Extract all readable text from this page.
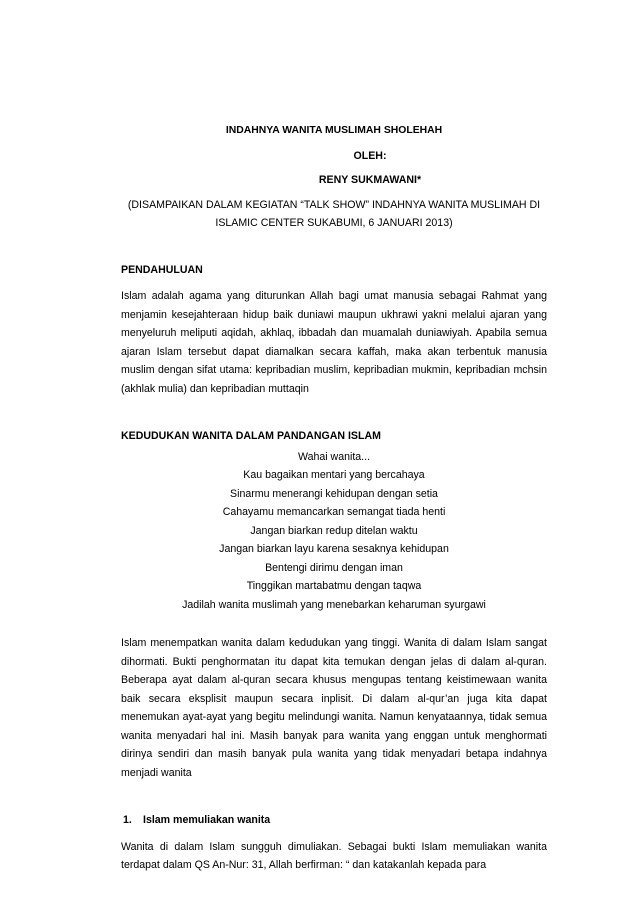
INDAHNYA WANITA MUSLIMAH SHOLEHAH
OLEH:
RENY SUKMAWANI*
(DISAMPAIKAN DALAM KEGIATAN “TALK SHOW” INDAHNYA WANITA MUSLIMAH DI
ISLAMIC CENTER SUKABUMI, 6 JANUARI 2013)
PENDAHULUAN

Islam adalah agama yang diturunkan Allah bagi umat manusia sebagai Rahmat yang menjamin kesejahteraan hidup baik duniawi maupun ukhrawi yakni melalui ajaran yang menyeluruh meliputi aqidah, akhlaq, ibbadah dan muamalah duniawiyah. Apabila semua ajaran Islam tersebut dapat diamalkan secara kaffah, maka akan terbentuk manusia muslim dengan sifat utama: kepribadian muslim, kepribadian mukmin, kepribadian mchsin (akhlak mulia) dan kepribadian muttaqin

KEDUDUKAN WANITA DALAM PANDANGAN ISLAM
Wahai wanita...
Kau bagaikan mentari yang bercahaya
Sinarmu menerangi kehidupan dengan setia
Cahayamu memancarkan semangat tiada henti
Jangan biarkan redup ditelan waktu
Jangan biarkan layu karena sesaknya kehidupan
Bentengi dirimu dengan iman
Tinggikan martabatmu dengan taqwa
Jadilah wanita muslimah yang menebarkan keharuman syurgawi

Islam menempatkan wanita dalam kedudukan yang tinggi. Wanita di dalam Islam sangat dihormati. Bukti penghormatan itu dapat kita temukan dengan jelas di dalam al-quran. Beberapa ayat dalam al-quran secara khusus mengupas tentang keistimewaan wanita baik secara eksplisit maupun secara inplisit. Di dalam al-qur’an juga kita dapat menemukan ayat-ayat yang begitu melindungi wanita. Namun kenyataannya, tidak semua wanita menyadari hal ini. Masih banyak para wanita yang enggan untuk menghormati dirinya sendiri dan masih banyak pula wanita yang tidak menyadari betapa indahnya menjadi wanita

1. Islam memuliakan wanita

Wanita di dalam Islam sungguh dimuliakan. Sebagai bukti Islam memuliakan wanita terdapat dalam QS An-Nur: 31, Allah berfirman: “ dan katakanlah kepada para
